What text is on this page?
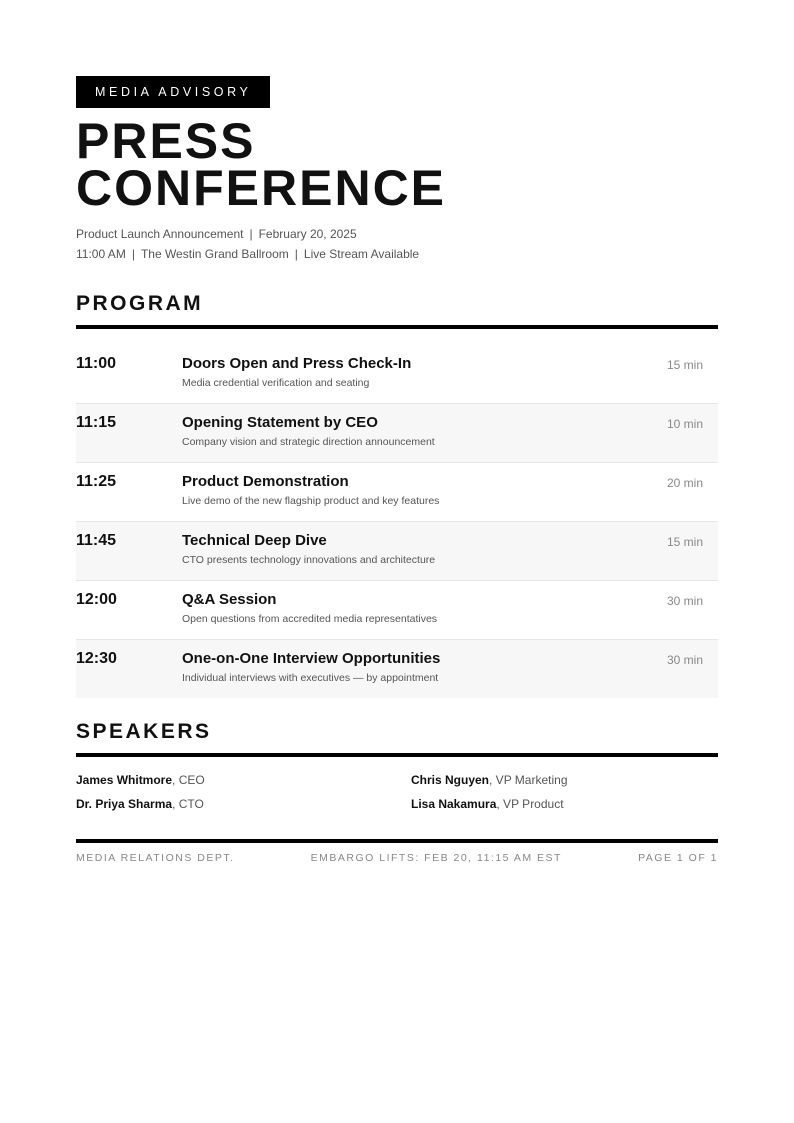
MEDIA ADVISORY
PRESS
CONFERENCE
Product Launch Announcement | February 20, 2025
11:00 AM | The Westin Grand Ballroom | Live Stream Available
PROGRAM
11:00	Doors Open and Press Check-In
Media credential verification and seating
15 min
11:15	Opening Statement by CEO
Company vision and strategic direction announcement
10 min
11:25	Product Demonstration
Live demo of the new flagship product and key features
20 min
11:45	Technical Deep Dive
CTO presents technology innovations and architecture
15 min
12:00	Q&A Session
Open questions from accredited media representatives
30 min
12:30	One-on-One Interview Opportunities
Individual interviews with executives — by appointment
30 min
SPEAKERS
James Whitmore, CEO	Chris Nguyen, VP Marketing
Dr. Priya Sharma, CTO	Lisa Nakamura, VP Product
MEDIA RELATIONS DEPT.	EMBARGO LIFTS: FEB 20, 11:15 AM EST	PAGE 1 OF 1
